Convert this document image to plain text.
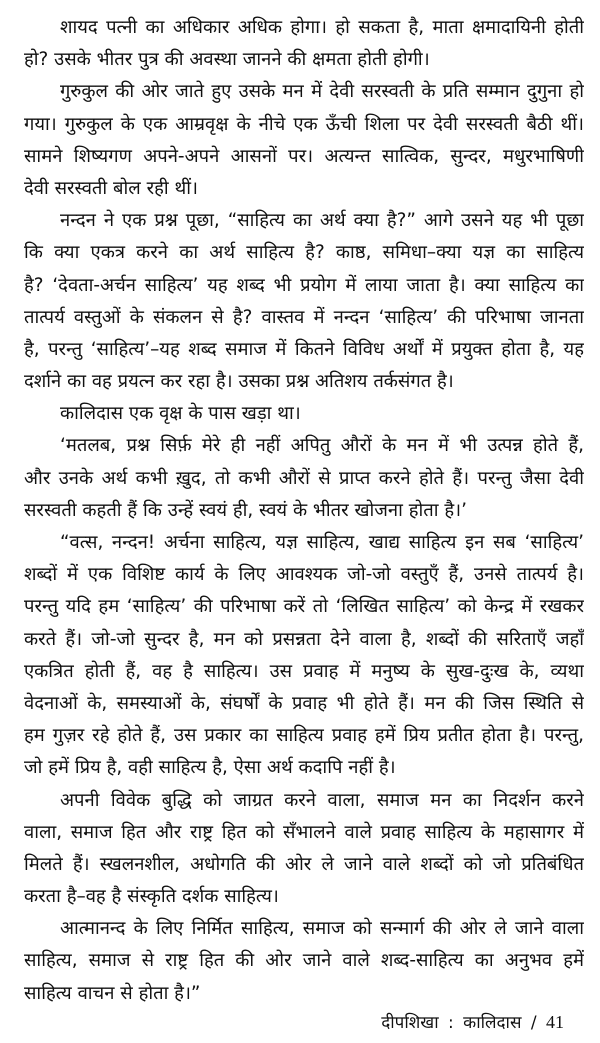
शायद पत्नी का अधिकार अधिक होगा। हो सकता है, माता क्षमादायिनी होती
हो? उसके भीतर पुत्र की अवस्था जानने की क्षमता होती होगी।
गुरुकुल की ओर जाते हुए उसके मन में देवी सरस्वती के प्रति सम्मान दुगुना हो
गया। गुरुकुल के एक आम्रवृक्ष के नीचे एक ऊँची शिला पर देवी सरस्वती बैठी थीं।
सामने शिष्यगण अपने-अपने आसनों पर। अत्यन्त सात्विक, सुन्दर, मधुरभाषिणी
देवी सरस्वती बोल रही थीं।
नन्दन ने एक प्रश्न पूछा, “साहित्य का अर्थ क्या है?” आगे उसने यह भी पूछा
कि क्या एकत्र करने का अर्थ साहित्य है? काष्ठ, समिधा–क्या यज्ञ का साहित्य
है? ‘देवता-अर्चन साहित्य’ यह शब्द भी प्रयोग में लाया जाता है। क्या साहित्य का
तात्पर्य वस्तुओं के संकलन से है? वास्तव में नन्दन ‘साहित्य’ की परिभाषा जानता
है, परन्तु ‘साहित्य’–यह शब्द समाज में कितने विविध अर्थों में प्रयुक्त होता है, यह
दर्शाने का वह प्रयत्न कर रहा है। उसका प्रश्न अतिशय तर्कसंगत है।
कालिदास एक वृक्ष के पास खड़ा था।
‘मतलब, प्रश्न सिर्फ़ मेरे ही नहीं अपितु औरों के मन में भी उत्पन्न होते हैं,
और उनके अर्थ कभी ख़ुद, तो कभी औरों से प्राप्त करने होते हैं। परन्तु जैसा देवी
सरस्वती कहती हैं कि उन्हें स्वयं ही, स्वयं के भीतर खोजना होता है।’
“वत्स, नन्दन! अर्चना साहित्य, यज्ञ साहित्य, खाद्य साहित्य इन सब ‘साहित्य’
शब्दों में एक विशिष्ट कार्य के लिए आवश्यक जो-जो वस्तुएँ हैं, उनसे तात्पर्य है।
परन्तु यदि हम ‘साहित्य’ की परिभाषा करें तो ‘लिखित साहित्य’ को केन्द्र में रखकर
करते हैं। जो-जो सुन्दर है, मन को प्रसन्नता देने वाला है, शब्दों की सरिताएँ जहाँ
एकत्रित होती हैं, वह है साहित्य। उस प्रवाह में मनुष्य के सुख-दुःख के, व्यथा
वेदनाओं के, समस्याओं के, संघर्षों के प्रवाह भी होते हैं। मन की जिस स्थिति से
हम गुज़र रहे होते हैं, उस प्रकार का साहित्य प्रवाह हमें प्रिय प्रतीत होता है। परन्तु,
जो हमें प्रिय है, वही साहित्य है, ऐसा अर्थ कदापि नहीं है।
अपनी विवेक बुद्धि को जाग्रत करने वाला, समाज मन का निदर्शन करने
वाला, समाज हित और राष्ट्र हित को सँभालने वाले प्रवाह साहित्य के महासागर में
मिलते हैं। स्खलनशील, अधोगति की ओर ले जाने वाले शब्दों को जो प्रतिबंधित
करता है–वह है संस्कृति दर्शक साहित्य।
आत्मानन्द के लिए निर्मित साहित्य, समाज को सन्मार्ग की ओर ले जाने वाला
साहित्य, समाज से राष्ट्र हित की ओर जाने वाले शब्द-साहित्य का अनुभव हमें
साहित्य वाचन से होता है।”
दीपशिखा : कालिदास / 41
